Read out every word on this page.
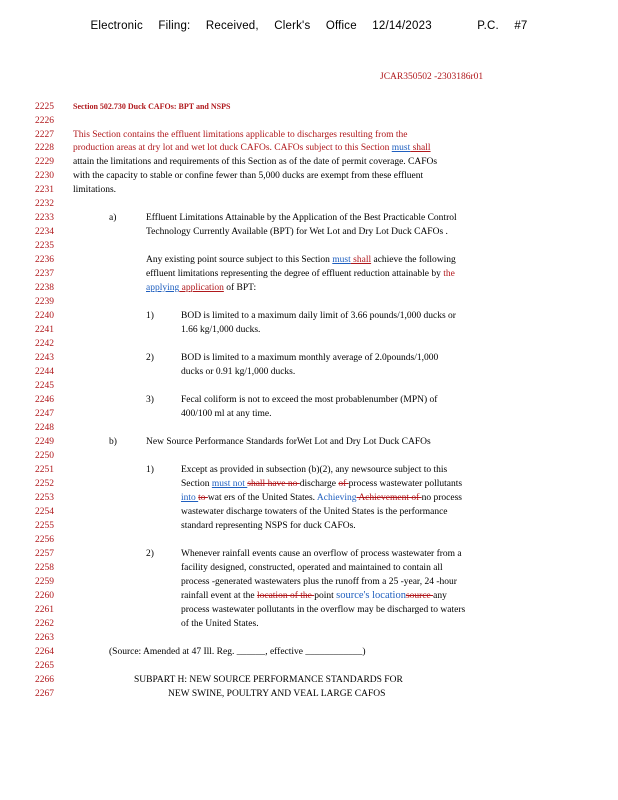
Electronic Filing: Received, Clerk's Office 12/14/2023	P.C. #7
JCAR350502 -2303186r01
2225
2226
2227
2228
2229
2230
2231
2232
2233
2234
2235
2236
2237
2238
2239
2240
2241
2242
2243
2244
2245
2246
2247
2248
2249
2250
2251
2252
2253
2254
2255
2256
2257
2258
2259
2260
2261
2262
2263
2264
2265
2266
2267
Section 502.730 Duck CAFOs: BPT and NSPS
This Section contains the effluent limitations applicable to discharges resulting from the
production areas at dry lot and wet lot duck CAFOs. CAFOs subject to this Section must shall
attain the limitations and requirements of this Section as of the date of permit coverage. CAFOs
with the capacity to stable or confine fewer than 5,000 ducks are exempt from these effluent
limitations.
a)	Effluent Limitations Attainable by the Application of the Best Practicable Control
Technology Currently Available (BPT) for Wet Lot and Dry Lot Duck CAFOs .
Any existing point source subject to this Section must shall achieve the following
effluent limitations representing the degree of effluent reduction attainable by the
applying application of BPT:
1)	BOD is limited to a maximum daily limit of 3.66 pounds/1,000 ducks or
1.66 kg/1,000 ducks.
2)	BOD is limited to a maximum monthly average of 2.0pounds/1,000
ducks or 0.91 kg/1,000 ducks.
3)	Fecal coliform is not to exceed the most probablenumber (MPN) of
400/100 ml at any time.
b)	New Source Performance Standards forWet Lot and Dry Lot Duck CAFOs
1)	Except as provided in subsection (b)(2), any newsource subject to this
Section must not shall have no discharge of process wastewater pollutants
into to wat ers of the United States. Achieving Achievement of no process
wastewater discharge towaters of the United States is the performance
standard representing NSPS for duck CAFOs.
2)	Whenever rainfall events cause an overflow of process wastewater from a
facility designed, constructed, operated and maintained to contain all
process -generated wastewaters plus the runoff from a 25 -year, 24 -hour
rainfall event at the location of the point source's locationsource any
process wastewater pollutants in the overflow may be discharged to waters
of the United States.
(Source: Amended at 47 Ill. Reg. ______, effective ____________)
SUBPART H: NEW SOURCE PERFORMANCE STANDARDS FOR
NEW SWINE, POULTRY AND VEAL LARGE CAFOS
